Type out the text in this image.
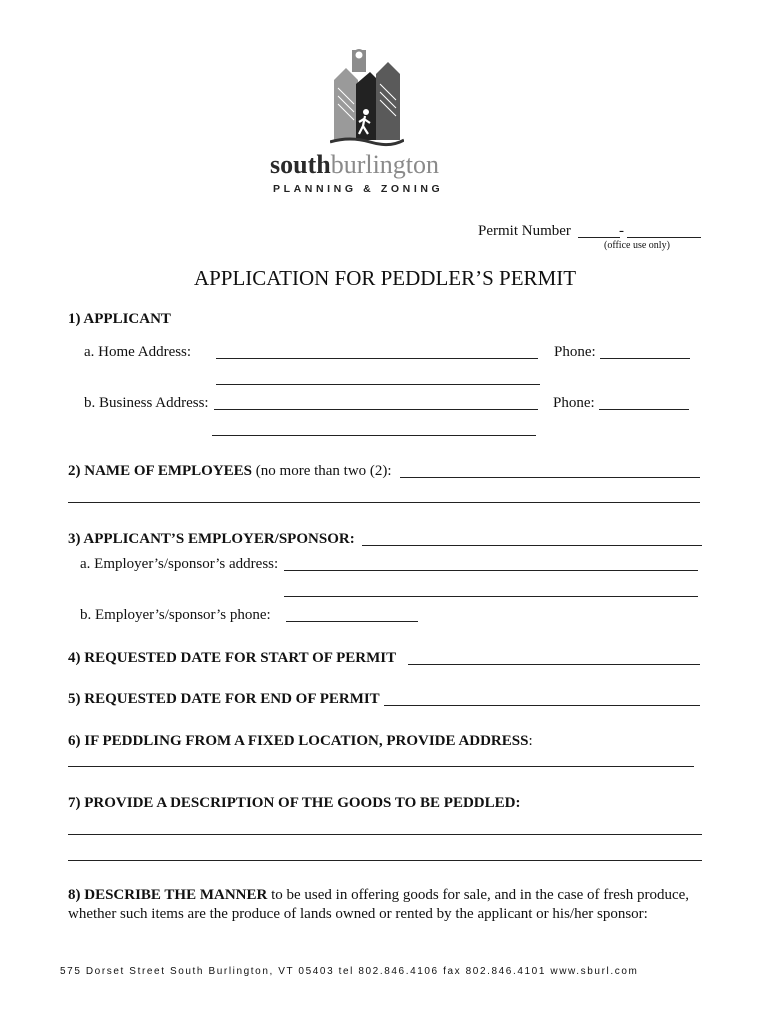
southburlington
PLANNING & ZONING
Permit Number	-
(office use only)
APPLICATION FOR PEDDLER’S PERMIT
1) APPLICANT
a. Home Address:	Phone:
b. Business Address:	Phone:
2) NAME OF EMPLOYEES (no more than two (2):
3) APPLICANT’S EMPLOYER/SPONSOR:
a. Employer’s/sponsor’s address:
b. Employer’s/sponsor’s phone:
4) REQUESTED DATE FOR START OF PERMIT
5) REQUESTED DATE FOR END OF PERMIT
6) IF PEDDLING FROM A FIXED LOCATION, PROVIDE ADDRESS:
7) PROVIDE A DESCRIPTION OF THE GOODS TO BE PEDDLED:
8) DESCRIBE THE MANNER to be used in offering goods for sale, and in the case of fresh produce,
whether such items are the produce of lands owned or rented by the applicant or his/her sponsor:
575 Dorset Street South Burlington, VT 05403 tel 802.846.4106 fax 802.846.4101 www.sburl.com
